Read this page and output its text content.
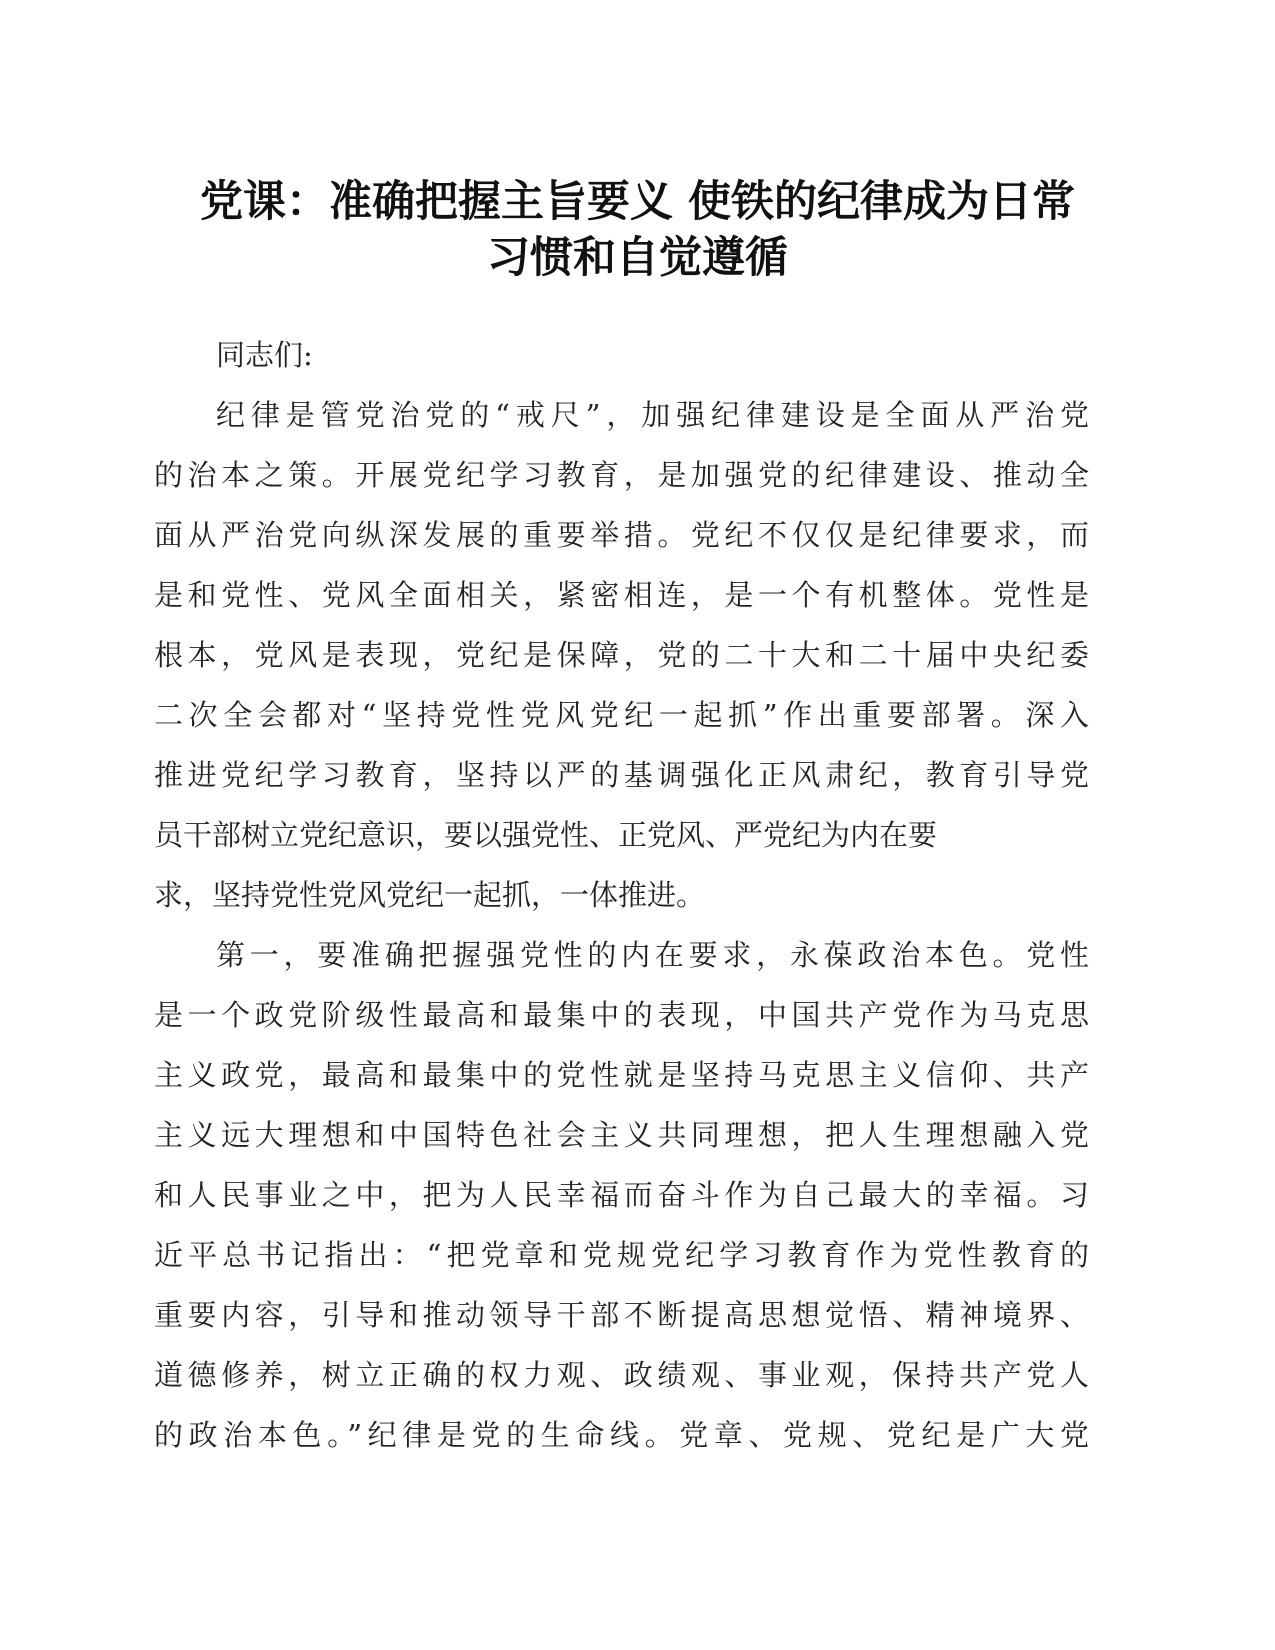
党课：准确把握主旨要义 使铁的纪律成为日常
习惯和自觉遵循

同志们:

纪律是管党治党的“戒尺”，加强纪律建设是全面从严治党
的治本之策。开展党纪学习教育，是加强党的纪律建设、推动全
面从严治党向纵深发展的重要举措。党纪不仅仅是纪律要求，而
是和党性、党风全面相关，紧密相连，是一个有机整体。党性是
根本，党风是表现，党纪是保障，党的二十大和二十届中央纪委
二次全会都对“坚持党性党风党纪一起抓”作出重要部署。深入
推进党纪学习教育，坚持以严的基调强化正风肃纪，教育引导党
员干部树立党纪意识，要以强党性、正党风、严党纪为内在要
求，坚持党性党风党纪一起抓，一体推进。

第一，要准确把握强党性的内在要求，永葆政治本色。党性
是一个政党阶级性最高和最集中的表现，中国共产党作为马克思
主义政党，最高和最集中的党性就是坚持马克思主义信仰、共产
主义远大理想和中国特色社会主义共同理想，把人生理想融入党
和人民事业之中，把为人民幸福而奋斗作为自己最大的幸福。习
近平总书记指出：“把党章和党规党纪学习教育作为党性教育的
重要内容，引导和推动领导干部不断提高思想觉悟、精神境界、
道德修养，树立正确的权力观、政绩观、事业观，保持共产党人
的政治本色。”纪律是党的生命线。党章、党规、党纪是广大党
